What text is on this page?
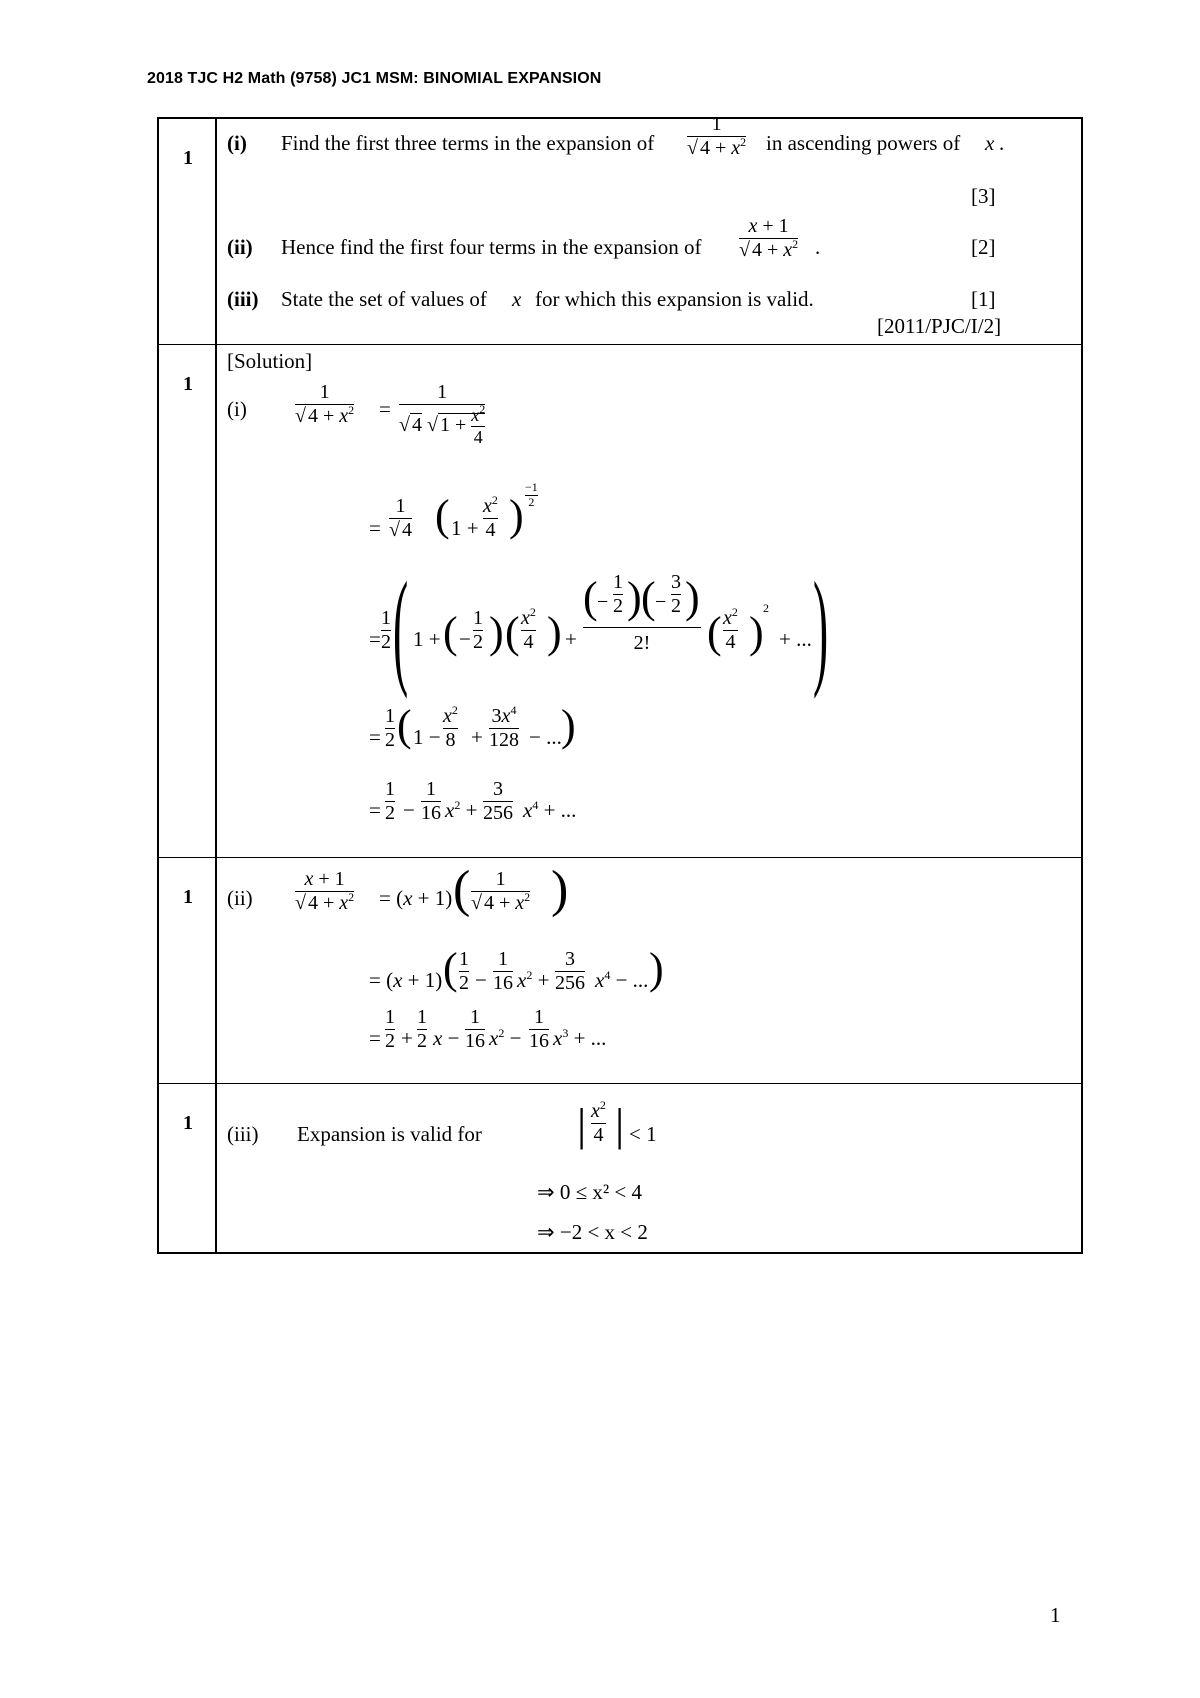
2018 TJC H2 Math (9758) JC1 MSM: BINOMIAL EXPANSION
1
(i) Find the first three terms in the expansion of $\frac{1}{√ 4 + x^2}$ in ascending powers of x .
[3]
(ii) Hence find the first four terms in the expansion of $\frac{x + 1}{√ 4 + x^2}$ .	[2]
(iii) State the set of values of x for which this expansion is valid.	[1]
[2011/PJC/I/2]
1
[Solution]
$(i) \frac{1}{√ 4 + x^2} = \frac{1}{√ 4 √ 1 + \frac{x^2}{4}}$
= $\frac{1}{√ 4}$ ( $1 + \frac{x^2}{4}$ ) $\frac{-1}{2}$
= $\frac{1}{2}$ ( 1 + ( − $\frac{1}{2}$ ) ( $\frac{x^2}{4}$ ) +
( −
1
2 ) ( −
3
2 )
2!	( $\frac{x^2}{4}$ ) 2
+ ... )
= $\frac{1}{2}$ ( $1 - \frac{x^2}{8} + \frac{3x^4}{128}$ − ... )
= $\frac{1}{2} - \frac{1}{16} x^2 + \frac{3}{256} x^4$ + ...
1 $(ii) \frac{x + 1}{√ 4 + x^2} = (x + 1)$ ( $\frac{1}{√ 4 + x^2}$ )
= (x + 1) ( $\frac{1}{2} - \frac{1}{16} x^2 + \frac{3}{256} x^4$ − ... )
= $\frac{1}{2} + \frac{1}{2}$ $x - \frac{1}{16} x^2 - \frac{1}{16} x^3$ + ...
1 (iii) Expansion is valid for | $\frac{x^2}{4}$ | < 1
⇒ 0 ≤ x² < 4
⇒ −2 < x < 2
1
